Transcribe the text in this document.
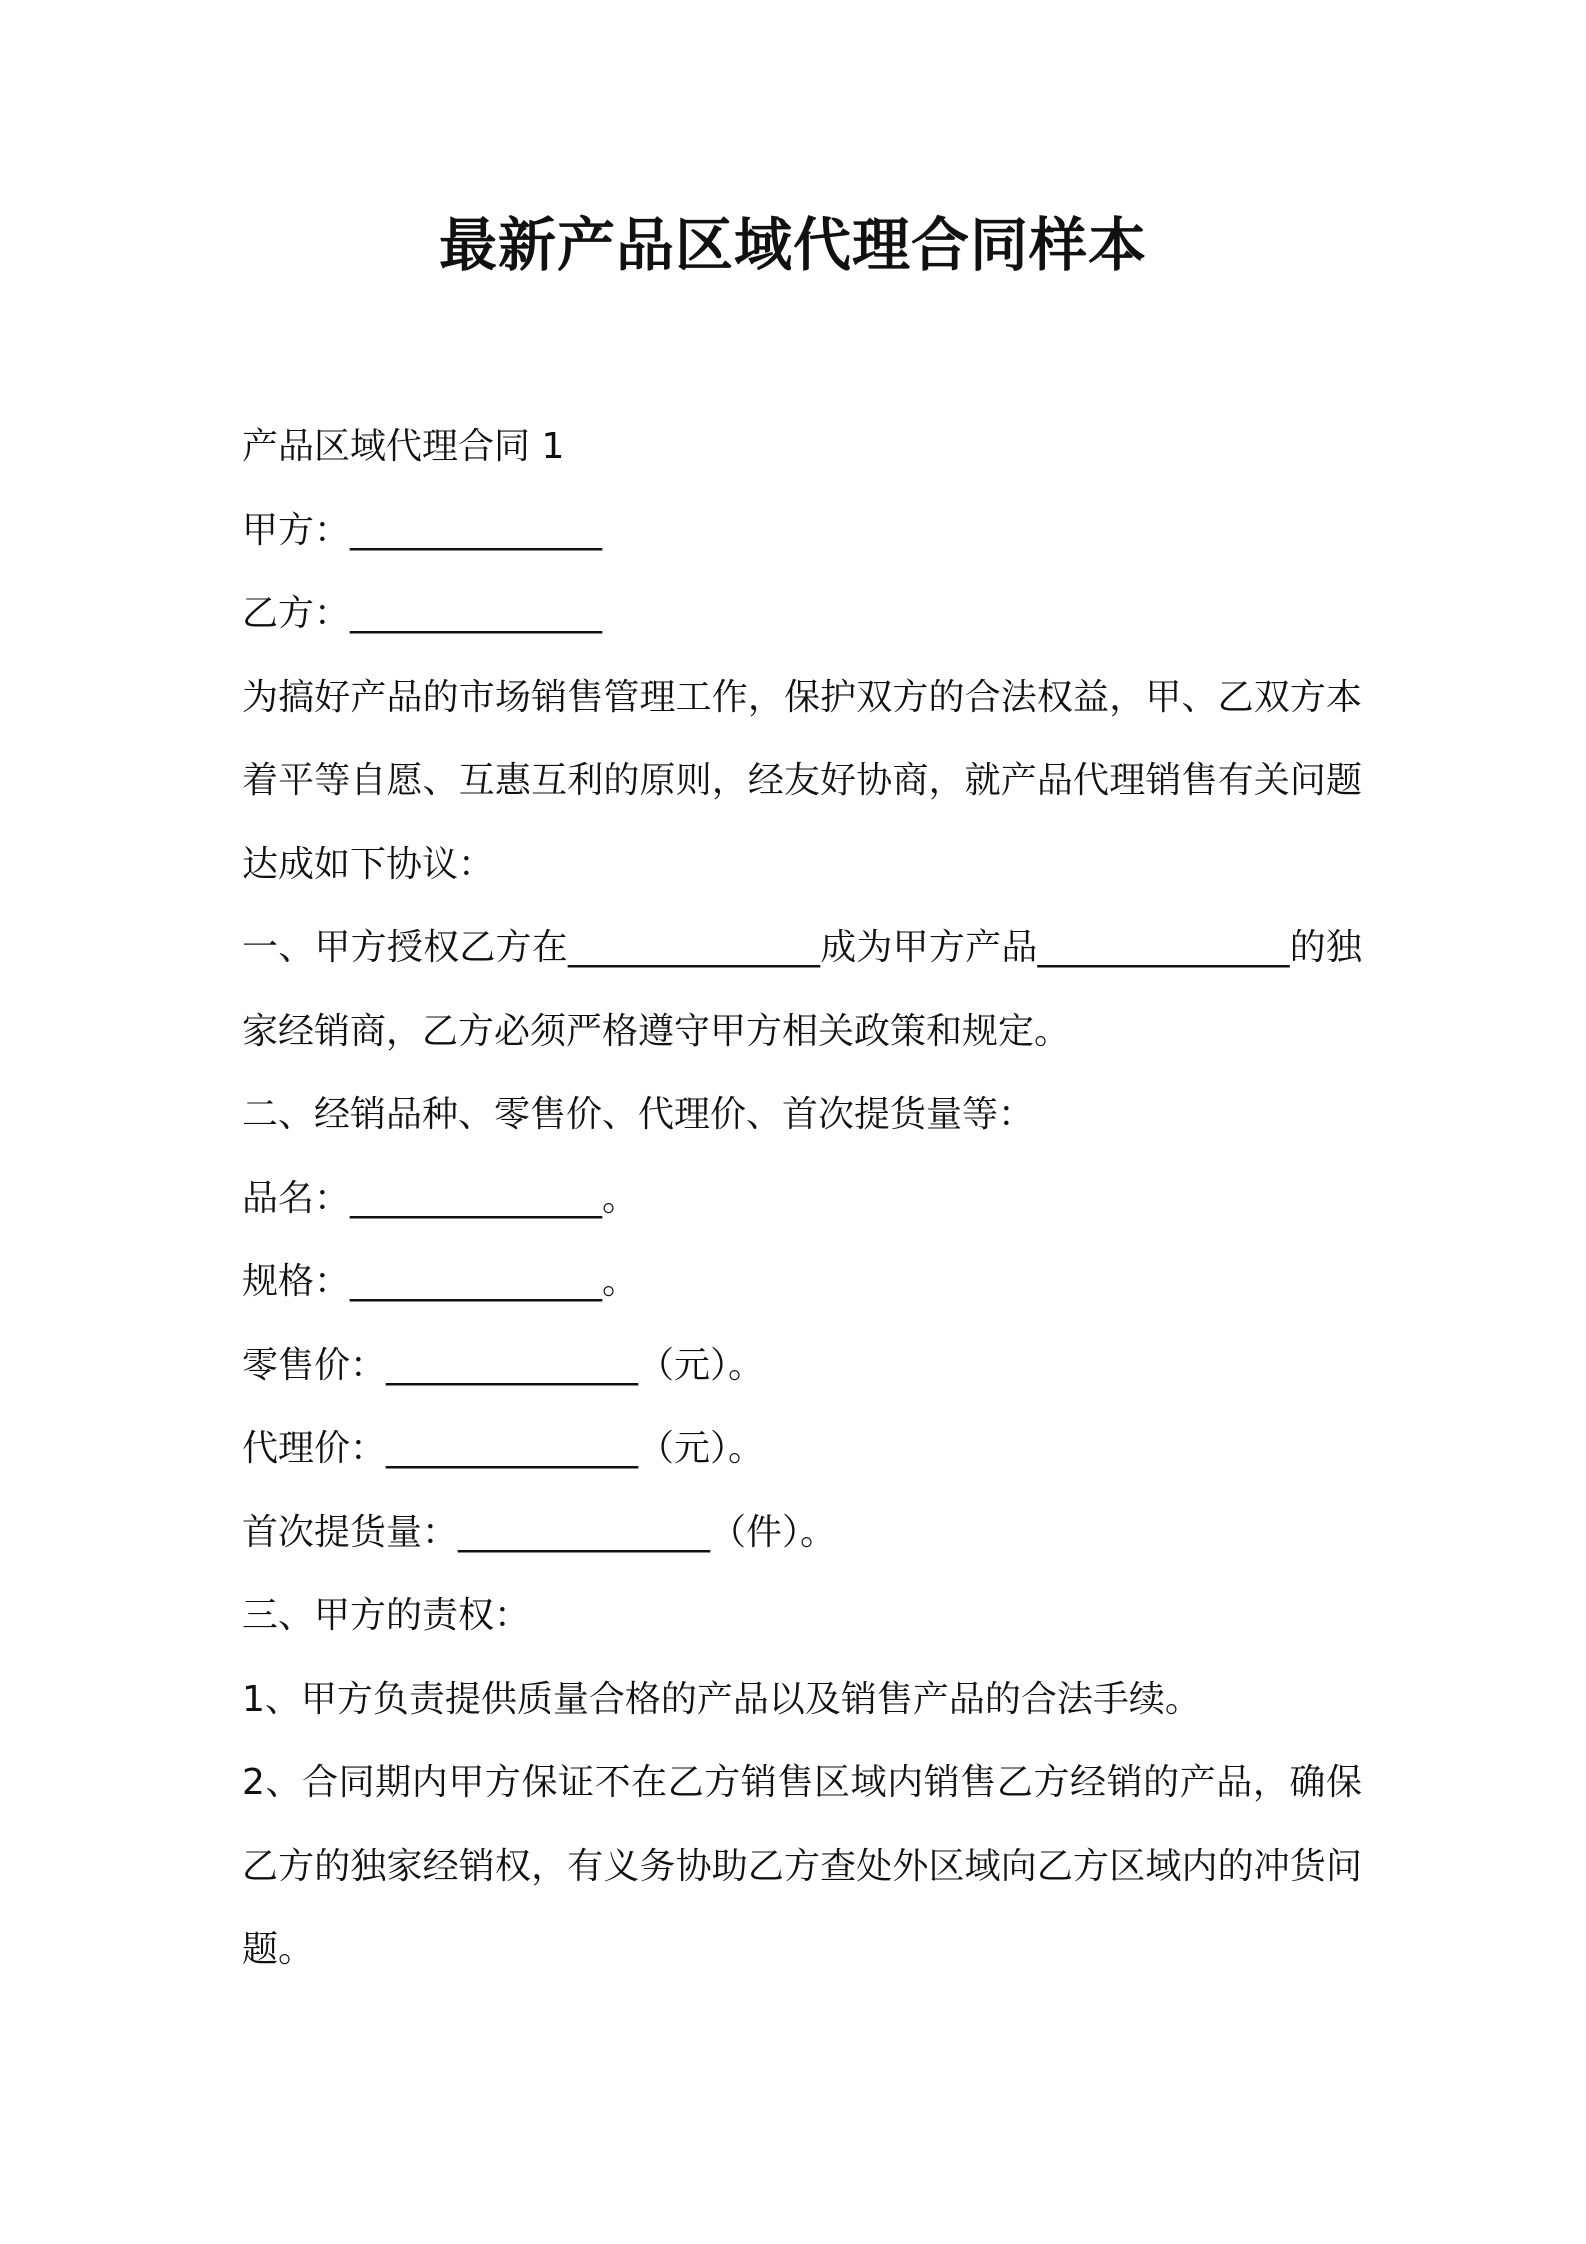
最新产品区域代理合同样本

产品区域代理合同 1

甲方：______________

乙方：______________

为搞好产品的市场销售管理工作，保护双方的合法权益，甲、乙双方本着平等自愿、互惠互利的原则，经友好协商，就产品代理销售有关问题达成如下协议：

一、甲方授权乙方在______________成为甲方产品______________的独家经销商，乙方必须严格遵守甲方相关政策和规定。

二、经销品种、零售价、代理价、首次提货量等：

品名：______________。

规格：______________。

零售价：______________（元）。

代理价：______________（元）。

首次提货量：______________（件）。

三、甲方的责权：

1、甲方负责提供质量合格的产品以及销售产品的合法手续。

2、合同期内甲方保证不在乙方销售区域内销售乙方经销的产品，确保乙方的独家经销权，有义务协助乙方查处外区域向乙方区域内的冲货问题。
